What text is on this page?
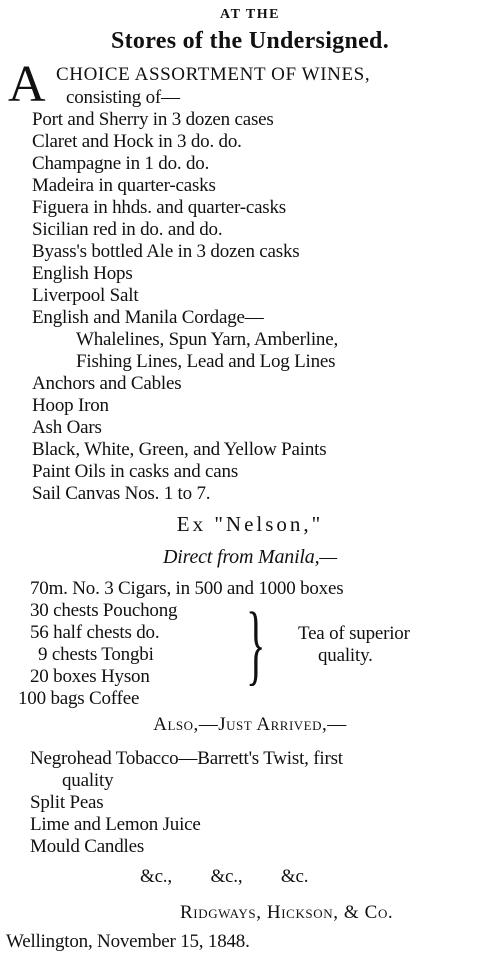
AT THE
Stores of the Undersigned.
A CHOICE ASSORTMENT OF WINES,
consisting of—
Port and Sherry in 3 dozen cases
Claret and Hock in 3 do. do.
Champagne in 1 do. do.
Madeira in quarter-casks
Figuera in hhds. and quarter-casks
Sicilian red in do. and do.
Byass's bottled Ale in 3 dozen casks
English Hops
Liverpool Salt
English and Manila Cordage—
Whalelines, Spun Yarn, Amberline,
Fishing Lines, Lead and Log Lines
Anchors and Cables
Hoop Iron
Ash Oars
Black, White, Green, and Yellow Paints
Paint Oils in casks and cans
Sail Canvas Nos. 1 to 7.
Ex "Nelson,"
Direct from Manila,—
70m. No. 3 Cigars, in 500 and 1000 boxes
30 chests Pouchong
56 half chests do.
9 chests Tongbi
20 boxes Hyson } Tea of superior
quality.
100 bags Coffee
Also,—Just Arrived,—
Negrohead Tobacco—Barrett's Twist, first
quality
Split Peas
Lime and Lemon Juice
Mould Candles
&c., &c., &c.
Ridgways, Hickson, & Co.
Wellington, November 15, 1848.
